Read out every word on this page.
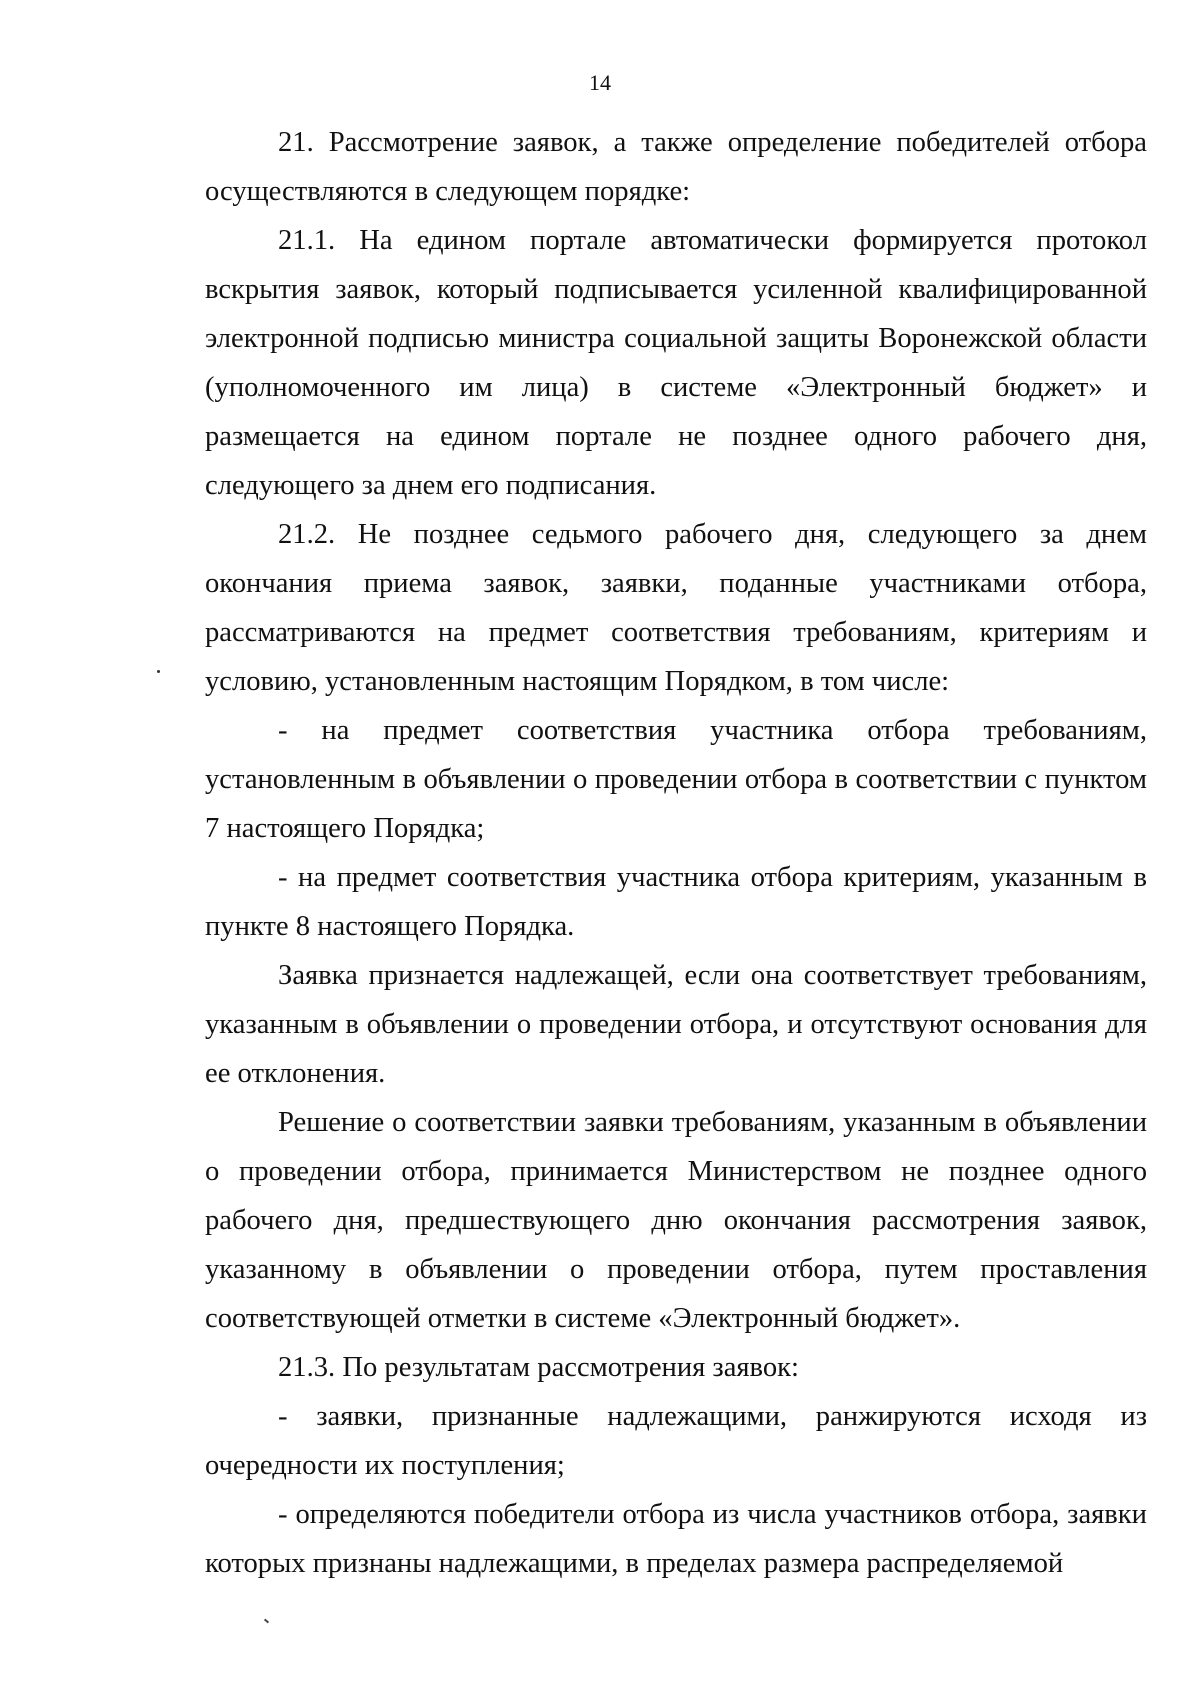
14

21. Рассмотрение заявок, а также определение победителей отбора осуществляются в следующем порядке:

21.1. На едином портале автоматически формируется протокол вскрытия заявок, который подписывается усиленной квалифицированной электронной подписью министра социальной защиты Воронежской области (уполномоченного им лица) в системе «Электронный бюджет» и размещается на едином портале не позднее одного рабочего дня, следующего за днем его подписания.

21.2. Не позднее седьмого рабочего дня, следующего за днем окончания приема заявок, заявки, поданные участниками отбора, рассматриваются на предмет соответствия требованиям, критериям и условию, установленным настоящим Порядком, в том числе:

- на предмет соответствия участника отбора требованиям, установленным в объявлении о проведении отбора в соответствии с пунктом 7 настоящего Порядка;

- на предмет соответствия участника отбора критериям, указанным в пункте 8 настоящего Порядка.

Заявка признается надлежащей, если она соответствует требованиям, указанным в объявлении о проведении отбора, и отсутствуют основания для ее отклонения.

Решение о соответствии заявки требованиям, указанным в объявлении о проведении отбора, принимается Министерством не позднее одного рабочего дня, предшествующего дню окончания рассмотрения заявок, указанному в объявлении о проведении отбора, путем проставления соответствующей отметки в системе «Электронный бюджет».

21.3. По результатам рассмотрения заявок:

- заявки, признанные надлежащими, ранжируются исходя из очередности их поступления;

- определяются победители отбора из числа участников отбора, заявки которых признаны надлежащими, в пределах размера распределяемой
